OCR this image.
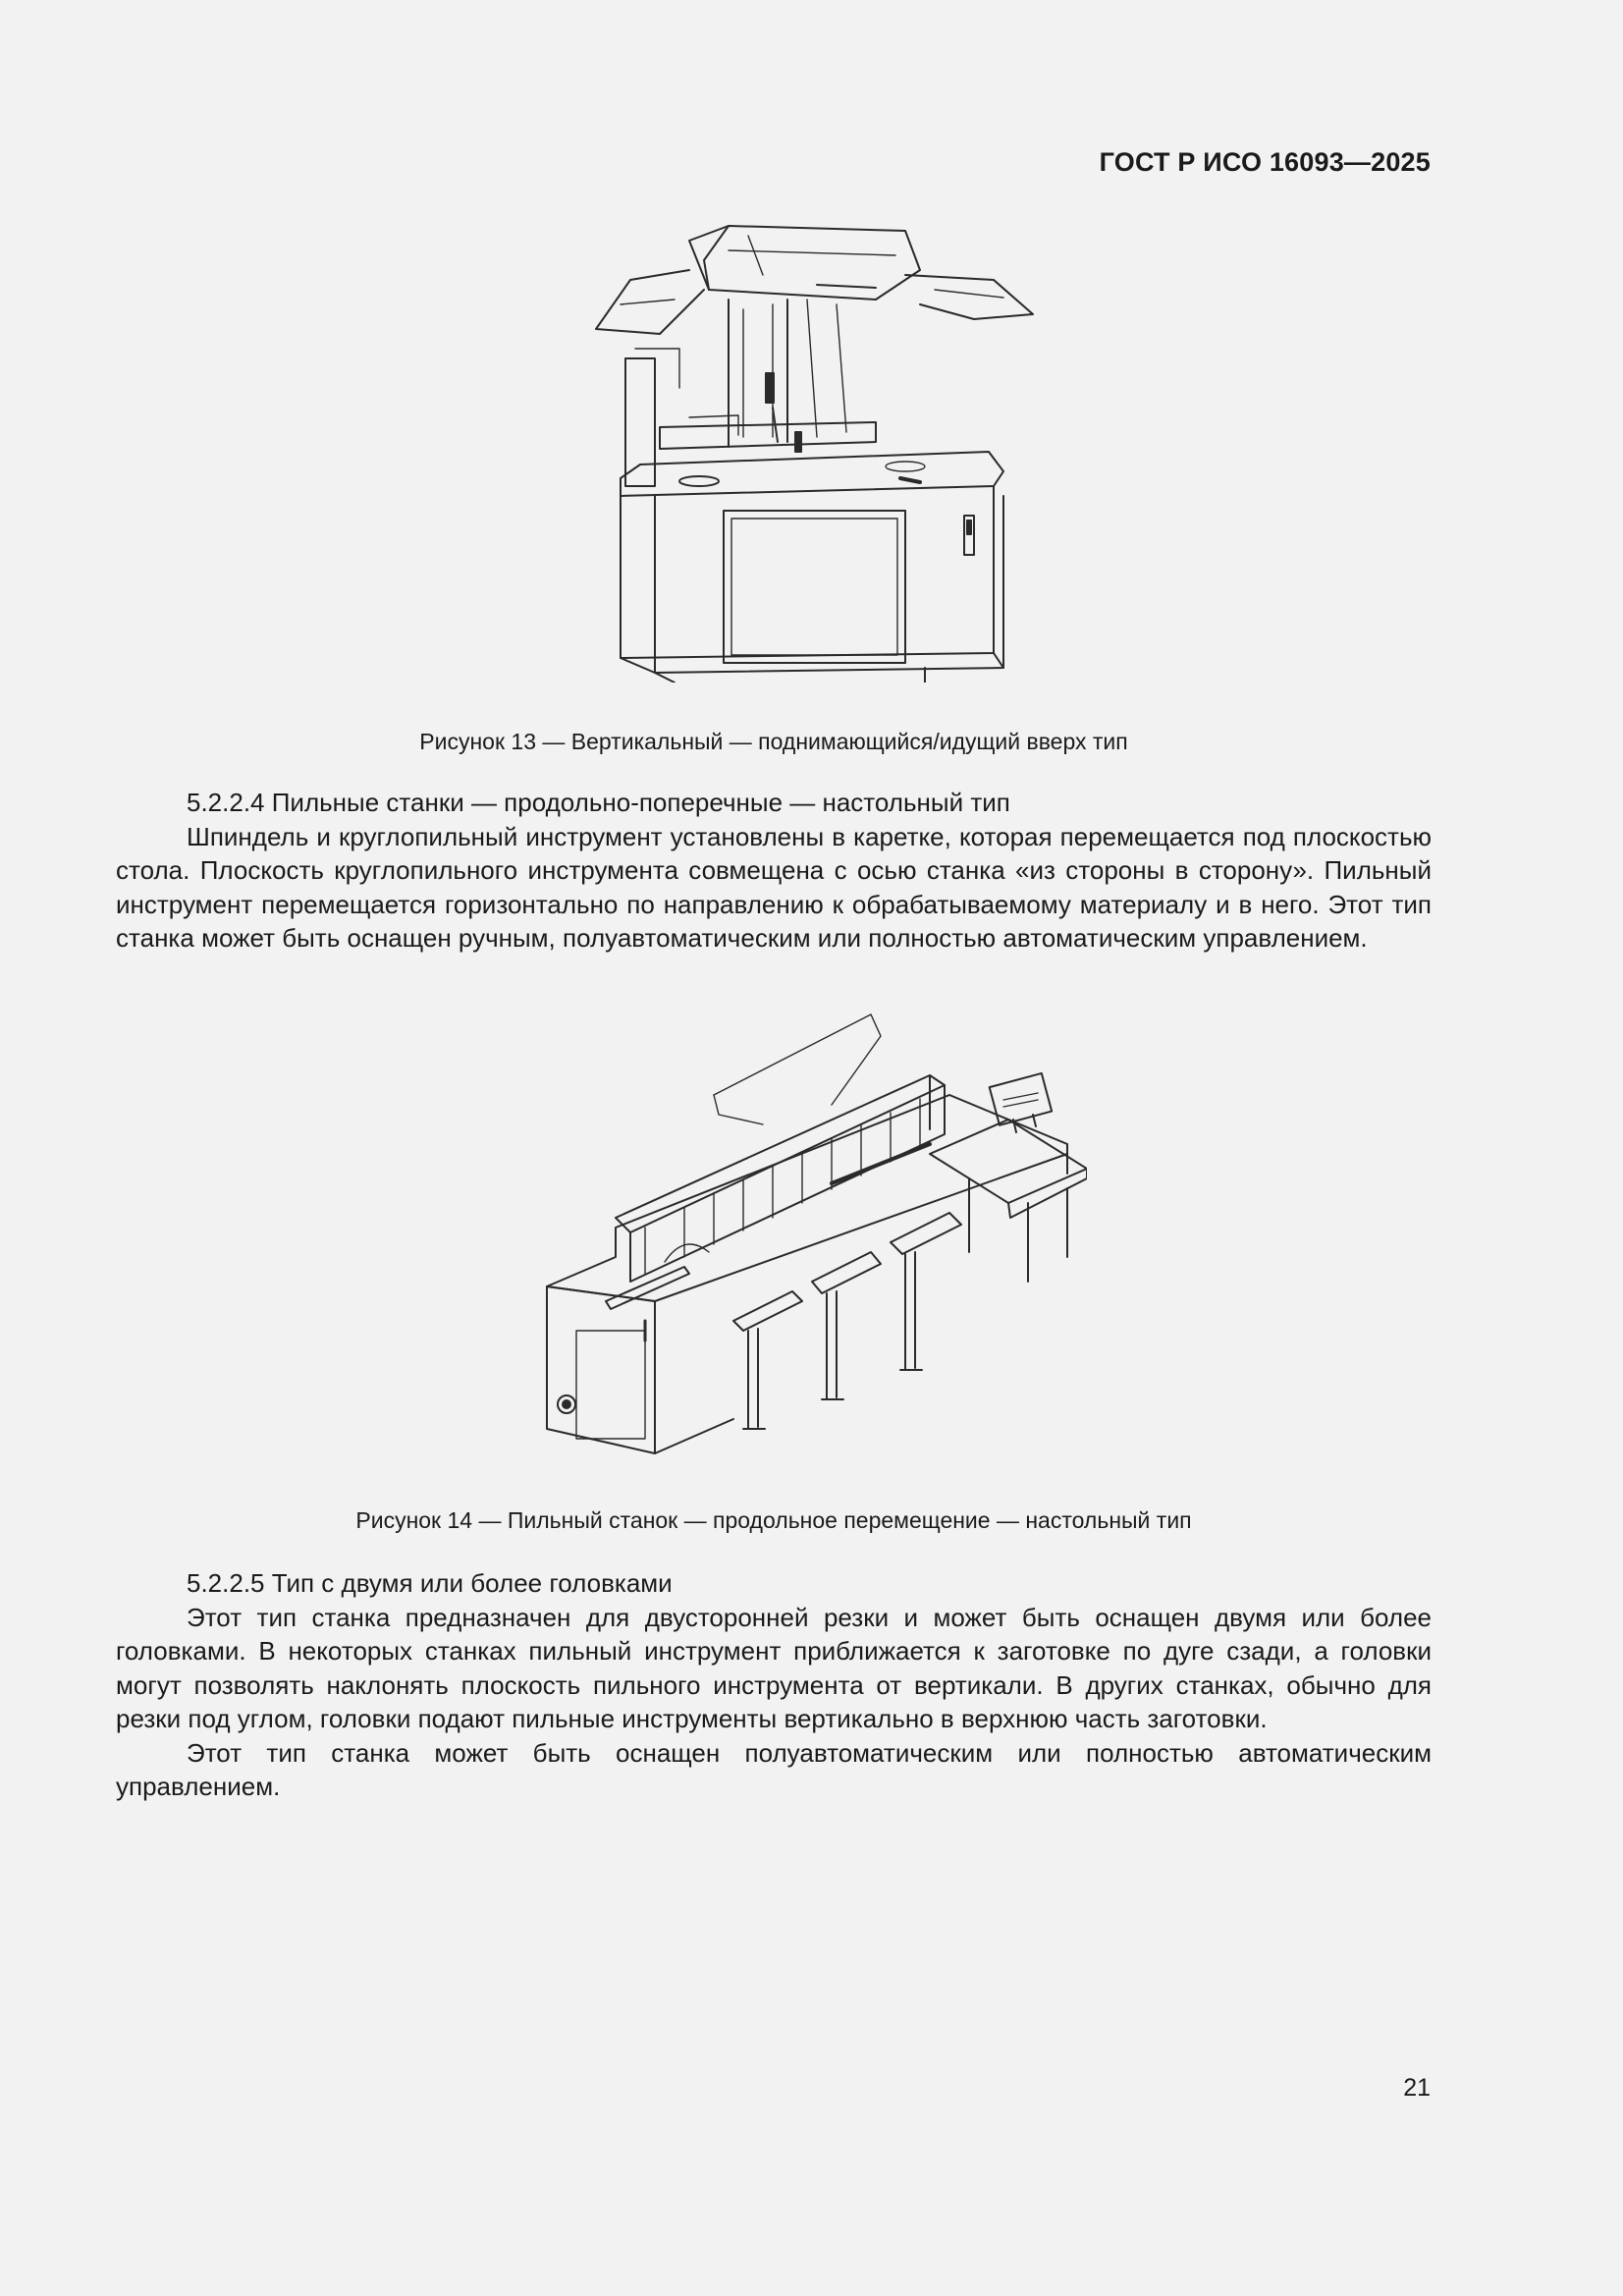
ГОСТ Р ИСО 16093—2025
Рисунок 13 — Вертикальный — поднимающийся/идущий вверх тип

5.2.2.4 Пильные станки — продольно-поперечные — настольный тип

Шпиндель и круглопильный инструмент установлены в каретке, которая перемещается под плоскостью стола. Плоскость круглопильного инструмента совмещена с осью станка «из стороны в сторону». Пильный инструмент перемещается горизонтально по направлению к обрабатываемому материалу и в него. Этот тип станка может быть оснащен ручным, полуавтоматическим или полностью автоматическим управлением.

Рисунок 14 — Пильный станок — продольное перемещение — настольный тип

5.2.2.5 Тип с двумя или более головками

Этот тип станка предназначен для двусторонней резки и может быть оснащен двумя или более головками. В некоторых станках пильный инструмент приближается к заготовке по дуге сзади, а головки могут позволять наклонять плоскость пильного инструмента от вертикали. В других станках, обычно для резки под углом, головки подают пильные инструменты вертикально в верхнюю часть заготовки.

Этот тип станка может быть оснащен полуавтоматическим или полностью автоматическим управлением.

21
